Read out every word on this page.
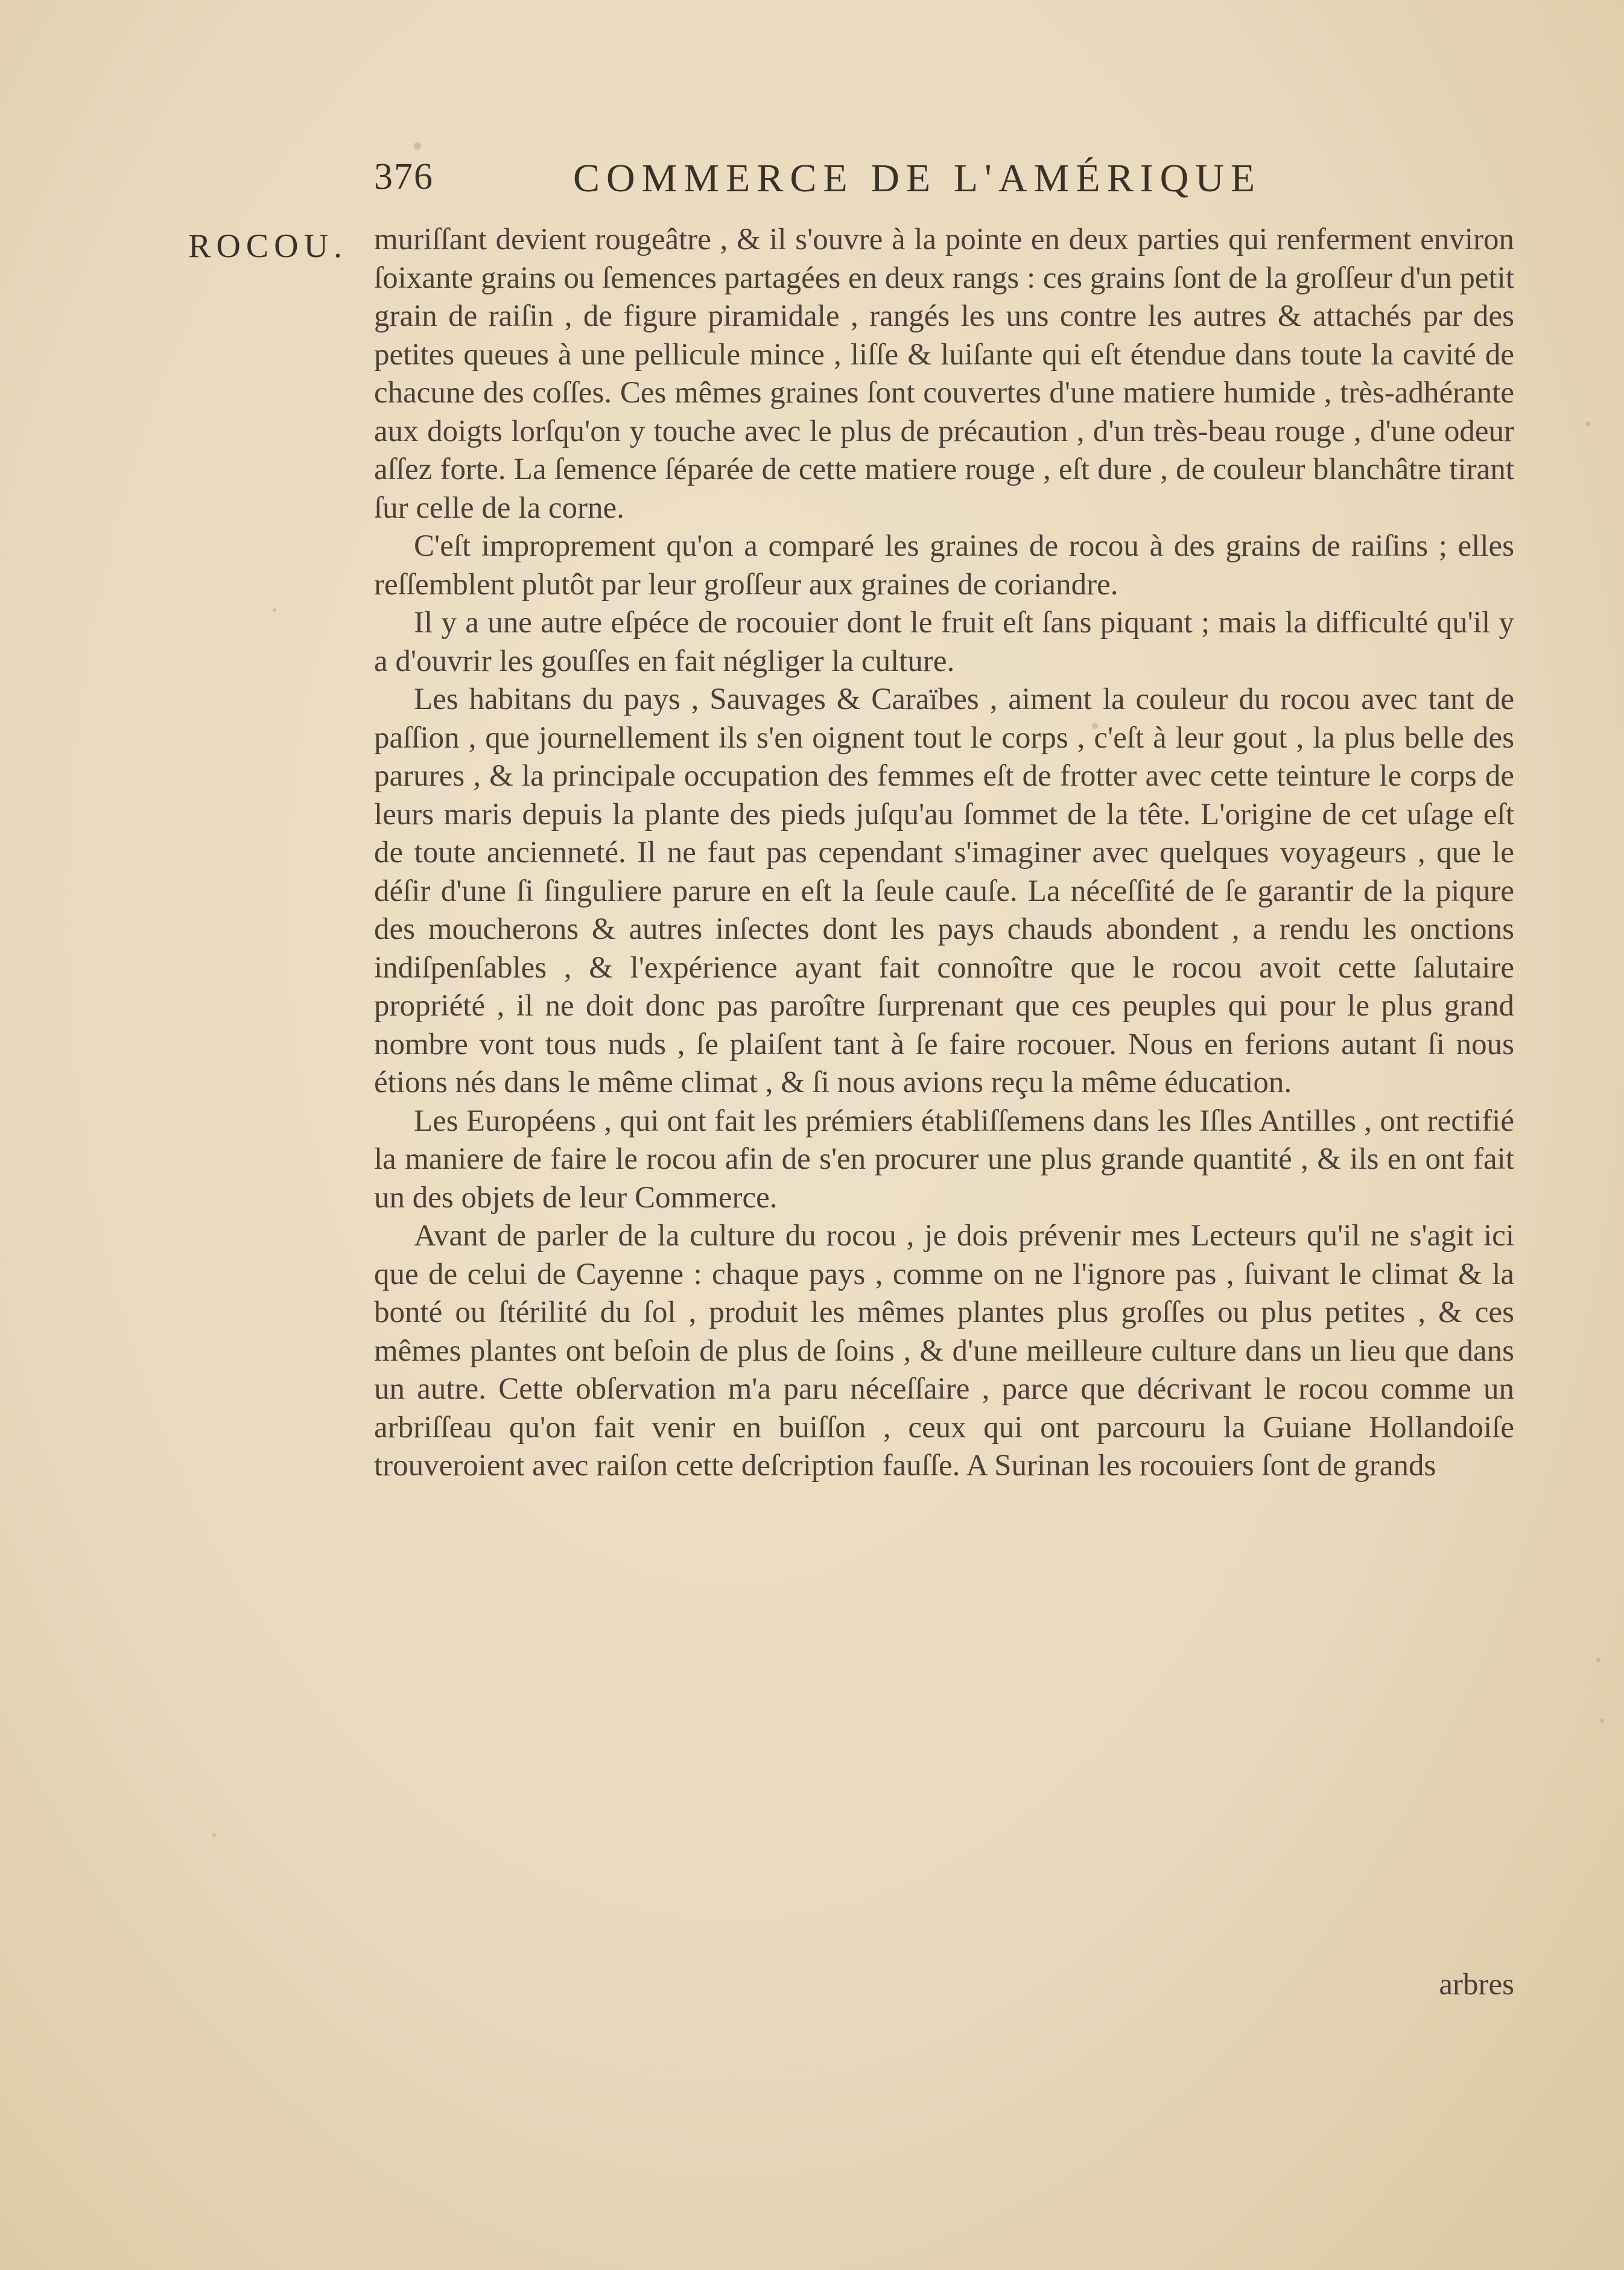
376	COMMERCE DE L'AMÉRIQUE
ROCOU. muriſſant devient rougeâtre , & il s'ouvre à la pointe en deux parties qui renferment environ ſoixante grains ou ſemences partagées en deux rangs : ces grains ſont de la groſſeur d'un petit grain de raiſin , de figure piramidale , rangés les uns contre les autres & attachés par des petites queues à une pellicule mince , liſſe & luiſante qui eſt étendue dans toute la cavité de chacune des coſſes. Ces mêmes graines ſont couvertes d'une matiere humide , très-adhérante aux doigts lorſqu'on y touche avec le plus de précaution , d'un très-beau rouge , d'une odeur aſſez forte. La ſemence ſéparée de cette matiere rouge , eſt dure , de couleur blanchâtre tirant ſur celle de la corne.

C'eſt improprement qu'on a comparé les graines de rocou à des grains de raiſins ; elles reſſemblent plutôt par leur groſſeur aux graines de coriandre.

Il y a une autre eſpéce de rocouier dont le fruit eſt ſans piquant ; mais la difficulté qu'il y a d'ouvrir les gouſſes en fait négliger la culture.

Les habitans du pays , Sauvages & Caraïbes , aiment la couleur du rocou avec tant de paſſion , que journellement ils s'en oignent tout le corps , c'eſt à leur gout , la plus belle des parures , & la principale occupation des femmes eſt de frotter avec cette teinture le corps de leurs maris depuis la plante des pieds juſqu'au ſommet de la tête. L'origine de cet uſage eſt de toute ancienneté. Il ne faut pas cependant s'imaginer avec quelques voyageurs , que le déſir d'une ſi ſinguliere parure en eſt la ſeule cauſe. La néceſſité de ſe garantir de la piqure des moucherons & autres inſectes dont les pays chauds abondent , a rendu les onctions indiſpenſables , & l'expérience ayant fait connoître que le rocou avoit cette ſalutaire propriété , il ne doit donc pas paroître ſurprenant que ces peuples qui pour le plus grand nombre vont tous nuds , ſe plaiſent tant à ſe faire rocouer. Nous en ferions autant ſi nous étions nés dans le même climat , & ſi nous avions reçu la même éducation.

Les Européens , qui ont fait les prémiers établiſſemens dans les Iſles Antilles , ont rectifié la maniere de faire le rocou afin de s'en procurer une plus grande quantité , & ils en ont fait un des objets de leur Commerce.

Avant de parler de la culture du rocou , je dois prévenir mes Lecteurs qu'il ne s'agit ici que de celui de Cayenne : chaque pays , comme on ne l'ignore pas , ſuivant le climat & la bonté ou ſtérilité du ſol , produit les mêmes plantes plus groſſes ou plus petites , & ces mêmes plantes ont beſoin de plus de ſoins , & d'une meilleure culture dans un lieu que dans un autre. Cette obſervation m'a paru néceſſaire , parce que décrivant le rocou comme un arbriſſeau qu'on fait venir en buiſſon , ceux qui ont parcouru la Guiane Hollandoiſe trouveroient avec raiſon cette deſcription fauſſe. A Surinan les rocouiers ſont de grands

arbres
